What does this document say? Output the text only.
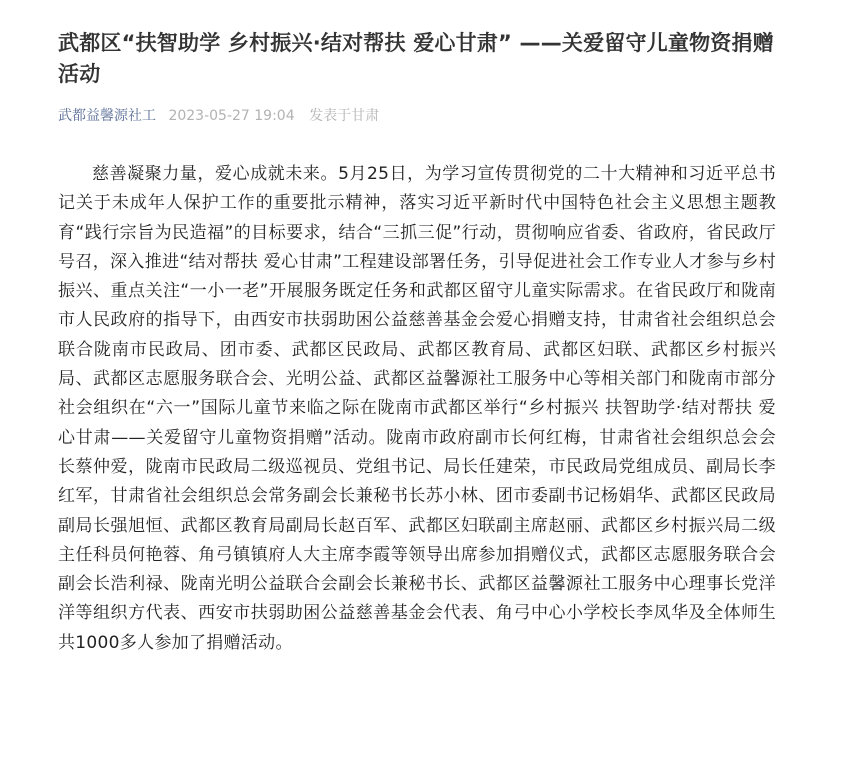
武都区“扶智助学 乡村振兴·结对帮扶 爱心甘肃” ——关爱留守儿童物资捐赠活动
武都益馨源社工 2023-05-27 19:04 发表于甘肃

慈善凝聚力量，爱心成就未来。5月25日，为学习宣传贯彻党的二十大精神和习近平总书记关于未成年人保护工作的重要批示精神，落实习近平新时代中国特色社会主义思想主题教育“践行宗旨为民造福”的目标要求，结合“三抓三促”行动，贯彻响应省委、省政府，省民政厅号召，深入推进“结对帮扶 爱心甘肃”工程建设部署任务，引导促进社会工作专业人才参与乡村振兴、重点关注“一小一老”开展服务既定任务和武都区留守儿童实际需求。在省民政厅和陇南市人民政府的指导下，由西安市扶弱助困公益慈善基金会爱心捐赠支持，甘肃省社会组织总会联合陇南市民政局、团市委、武都区民政局、武都区教育局、武都区妇联、武都区乡村振兴局、武都区志愿服务联合会、光明公益、武都区益馨源社工服务中心等相关部门和陇南市部分社会组织在“六一”国际儿童节来临之际在陇南市武都区举行“乡村振兴 扶智助学·结对帮扶 爱心甘肃——关爱留守儿童物资捐赠”活动。陇南市政府副市长何红梅，甘肃省社会组织总会会长蔡仲爱，陇南市民政局二级巡视员、党组书记、局长任建荣，市民政局党组成员、副局长李红军，甘肃省社会组织总会常务副会长兼秘书长苏小林、团市委副书记杨娟华、武都区民政局副局长强旭恒、武都区教育局副局长赵百军、武都区妇联副主席赵丽、武都区乡村振兴局二级主任科员何艳蓉、角弓镇镇府人大主席李霞等领导出席参加捐赠仪式，武都区志愿服务联合会副会长浩利禄、陇南光明公益联合会副会长兼秘书长、武都区益馨源社工服务中心理事长党洋洋等组织方代表、西安市扶弱助困公益慈善基金会代表、角弓中心小学校长李凤华及全体师生共1000多人参加了捐赠活动。
